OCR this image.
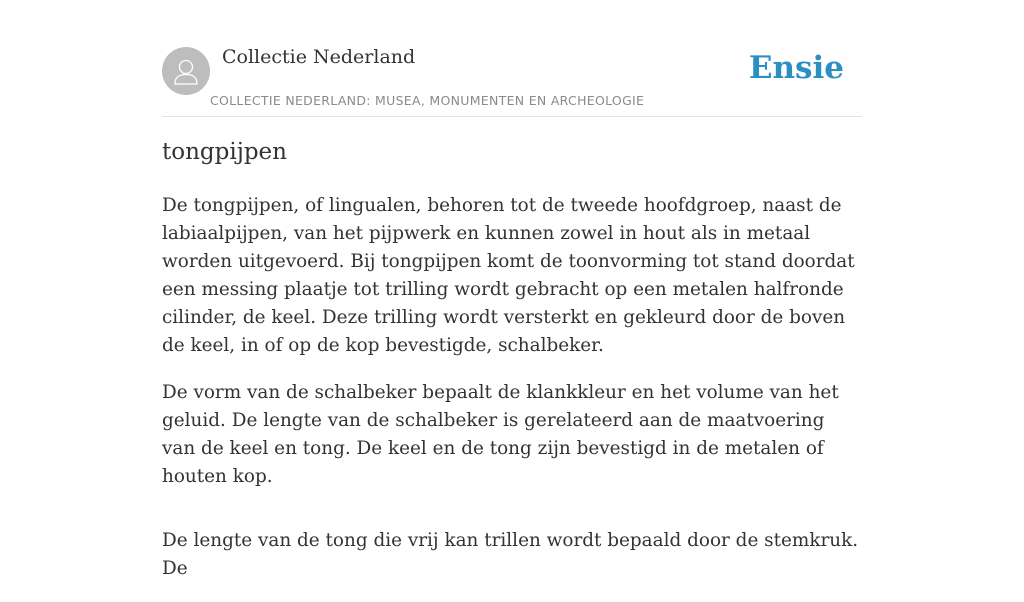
Collectie Nederland
COLLECTIE NEDERLAND: MUSEA, MONUMENTEN EN ARCHEOLOGIE
Ensie
tongpijpen

De tongpijpen, of lingualen, behoren tot de tweede hoofdgroep, naast de labiaalpijpen, van het pijpwerk en kunnen zowel in hout als in metaal worden uitgevoerd. Bij tongpijpen komt de toonvorming tot stand doordat een messing plaatje tot trilling wordt gebracht op een metalen halfronde cilinder, de keel. Deze trilling wordt versterkt en gekleurd door de boven de keel, in of op de kop bevestigde, schalbeker.

De vorm van de schalbeker bepaalt de klankkleur en het volume van het geluid. De lengte van de schalbeker is gerelateerd aan de maatvoering van de keel en tong. De keel en de tong zijn bevestigd in de metalen of houten kop.

De lengte van de tong die vrij kan trillen wordt bepaald door de stemkruk. De
